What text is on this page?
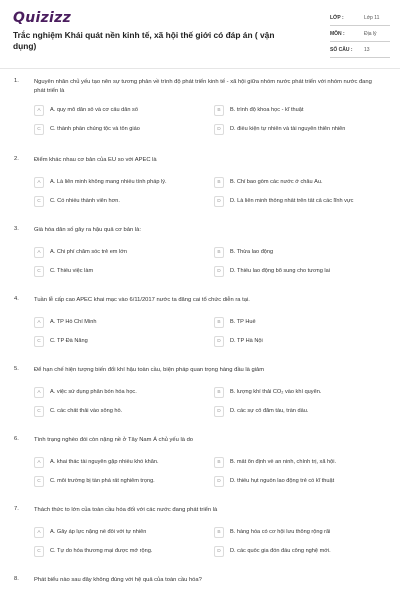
Quizizz
Trắc nghiệm Khái quát nền kinh tế, xã hội thế giới có đáp án ( vận dụng)
LỚP :	Lớp 11
MÔN :	Địa lý
SỐ CÂU : 13
1.	Nguyên nhân chủ yếu tạo nên sự tương phản về trình độ phát triển kinh tế - xã hội giữa nhóm nước phát triển với nhóm nước đang phát triển là
A	A. quy mô dân số và cơ cấu dân số	B	B. trình độ khoa học - kĩ thuật
C	C. thành phần chủng tộc và tôn giáo	D	D. điều kiện tự nhiên và tài nguyên thiên nhiên
2.	Điểm khác nhau cơ bản của EU so với APEC là
A	A. Là liên minh không mang nhiều tính pháp lý.	B	B. Chỉ bao gồm các nước ở châu Âu.
C	C. Có nhiều thành viên hơn.	D	D. Là liên minh thống nhất trên tất cả các lĩnh vực
3.	Già hóa dân số gây ra hậu quả cơ bản là:
A	A. Chi phí chăm sóc trẻ em lớn	B	B. Thừa lao động
C	C. Thiếu việc làm	D	D. Thiếu lao động bổ sung cho tương lai
4.	Tuần lễ cấp cao APEC khai mạc vào 6/11/2017 nước ta đăng cai tổ chức diễn ra tại.
A	A. TP Hồ Chí Minh	B	B. TP Huế
C	C. TP Đà Nẵng	D	D. TP Hà Nội
5.	Để hạn chế hiện tượng biến đổi khí hậu toàn cầu, biện pháp quan trọng hàng đầu là giảm
A	A. việc sử dụng phân bón hóa học.	B	B. lượng khí thải CO₂ vào khí quyển.
C	C. các chất thải vào sông hồ.	D	D. các sự cố đắm tàu, tràn dầu.
6.	Tình trạng nghèo đói còn nặng nề ở Tây Nam Á chủ yếu là do
A	A. khai thác tài nguyên gặp nhiều khó khăn.	B	B. mất ổn định về an ninh, chính trị, xã hội.
C	C. môi trường bị tàn phá rất nghiêm trọng.	D	D. thiếu hụt nguồn lao động trẻ có kĩ thuật
7.	Thách thức to lớn của toàn cầu hóa đối với các nước đang phát triển là
A	A. Gây áp lực nặng nề đối với tự nhiên	B	B. hàng hóa có cơ hội lưu thông rộng rãi
C	C. Tự do hóa thương mại được mở rộng.	D	D. các quốc gia đón đầu công nghệ mới.
8.	Phát biểu nào sau đây không đúng với hệ quả của toàn cầu hóa?
